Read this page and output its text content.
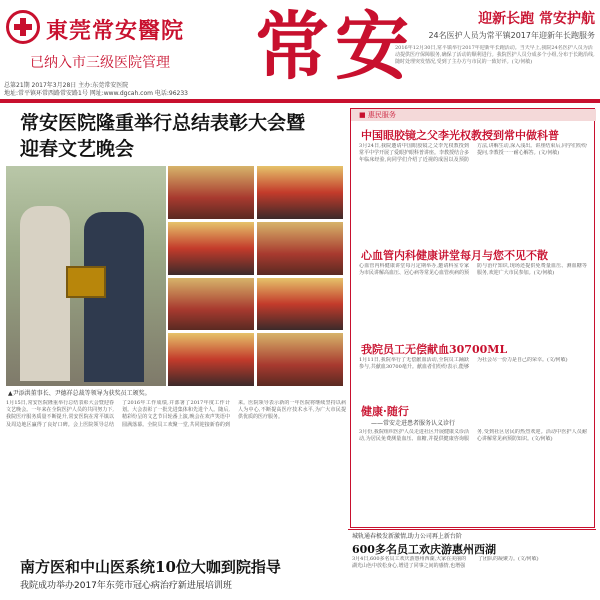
東莞常安醫院
已纳入市三级医院管理 常安	迎新长跑 常安护航
24名医护人员为常平镇2017年迎新年长跑服务
2016年12月30日,常平镇举行2017年迎新年长跑活动。当天早上,我院24名医护人员为活动提供医疗保障服务,确保了活动的顺利进行。我院医护人员分成多个小组,分布于长跑沿线,随时处理突发情况,受到了主办方与市民的一致好评。(文/何敏)
总第21期 2017年3月28日 主办:东莞常安医院
地址:常平镇环常西路常安路1号 网址:www.dgcah.com 电话:96233
常安医院隆重举行总结表彰大会暨迎春文艺晚会
▲尹添洪董事长、尹德祥总裁等领导为获奖员工颁奖。
1月15日,常安医院隆重举行总结表彰大会暨迎春文艺晚会。一年来在全院医护人员的共同努力下,我院医疗服务质量不断提升,常安医院在常平镇以及周边地区赢得了良好口碑。会上医院领导总结了2016年工作成绩,并部署了2017年度工作计划。大会表彰了一批先进集体和先进个人。随后,精彩纷呈的文艺节目轮番上演,晚会在欢声笑语中圆满落幕。全院员工欢聚一堂,共同迎接新春的到来。医院领导表示新的一年医院将继续坚持以病人为中心,不断提高医疗技术水平,为广大市民提供优质的医疗服务。
■ 惠民服务
中国眼胶镜之父李光权教授到常中做科普
3月24日,我院邀请中国眼胶镜之父李光权教授到常平中学开展了爱眼护眼科普讲座。李教授结合多年临床经验,向同学们介绍了近视的成因以及预防方法,讲解生动,深入浅出。讲座结束后,同学们纷纷提问,李教授一一耐心解答。(文/何敏)
心血管内科健康讲堂每月与您不见不散
心血管内科健康讲堂每月定期举办,邀请科室专家为市民讲解高血压、冠心病等常见心血管疾病的预防与治疗知识,现场还提供免费量血压、测血糖等服务,欢迎广大市民参加。(文/何敏)
我院员工无偿献血30700ML
1月11日,我院举行了无偿献血活动,全院员工踊跃参与,共献血30700毫升。献血者们纷纷表示,能够为社会尽一份力是自己的荣幸。(文/何敏)
健康·随行
——常安走进患者服务认义诊行
3月份,我院组织医护人员走进社区开展健康义诊活动,为居民免费测量血压、血糖,并提供健康咨询服务,受到社区居民的热烈欢迎。活动中医护人员耐心讲解常见病预防知识。(文/何敏)
城轨通春极发新激情,助力公司再上新台阶
600多名员工欢庆游惠州西湖
3月4日,600多名员工欢庆游惠州西湖,大家在美丽的湖光山色中放松身心,增进了同事之间的感情,也增强了团队的凝聚力。(文/何敏)
南方医和中山医系统10位大咖到院指导
我院成功举办2017年东莞市冠心病治疗新进展培训班
